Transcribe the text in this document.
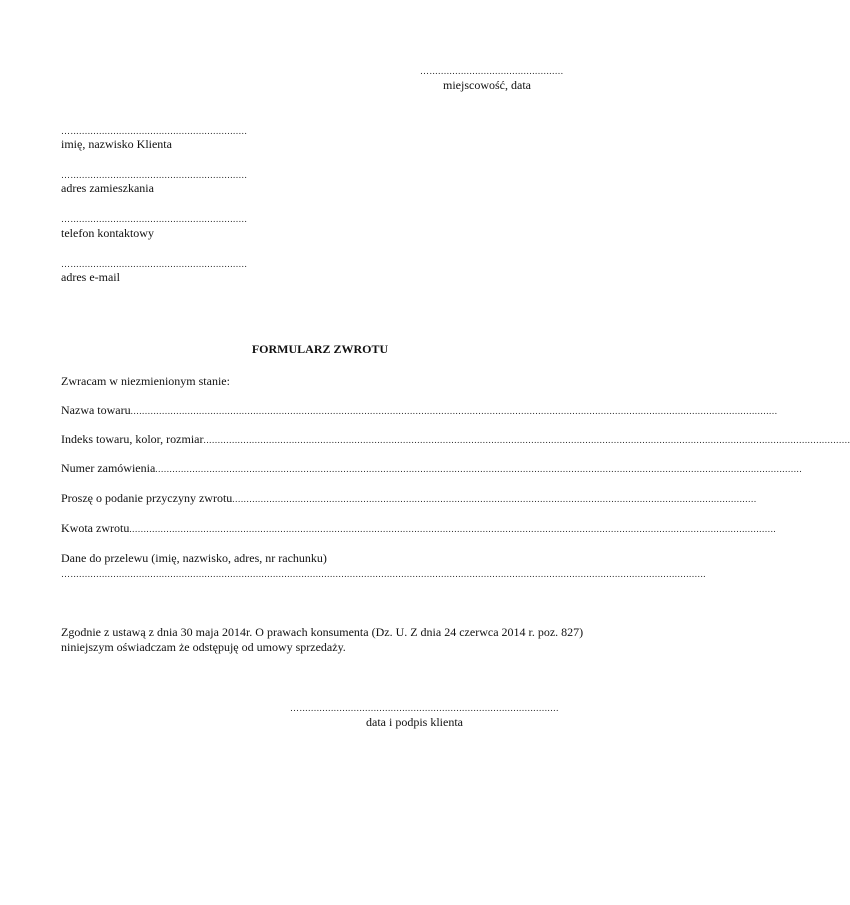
…...............................................
miejscowość, data
…..............................................................
imię, nazwisko Klienta
…..............................................................
adres zamieszkania
…..............................................................
telefon kontaktowy
…..............................................................
adres e-mail
FORMULARZ ZWROTU
Zwracam w niezmienionym stanie:
Nazwa towaru...................................................................................................................................................................................................................................
Indeks towaru, kolor, rozmiar...................................................................................................................................................................................................................................
Numer zamówienia...................................................................................................................................................................................................................................
Proszę o podanie przyczyny zwrotu........................................................................................................................................................................................
Kwota zwrotu...................................................................................................................................................................................................................................
Dane do przelewu (imię, nazwisko, adres, nr rachunku)
…...............................................................................................................................................................................................................................
Zgodnie z ustawą z dnia 30 maja 2014r. O prawach konsumenta (Dz. U. Z dnia 24 czerwca 2014 r. poz. 827) niniejszym oświadczam że odstępuję od umowy sprzedaży.
…...........................................................................................
data i podpis klienta
